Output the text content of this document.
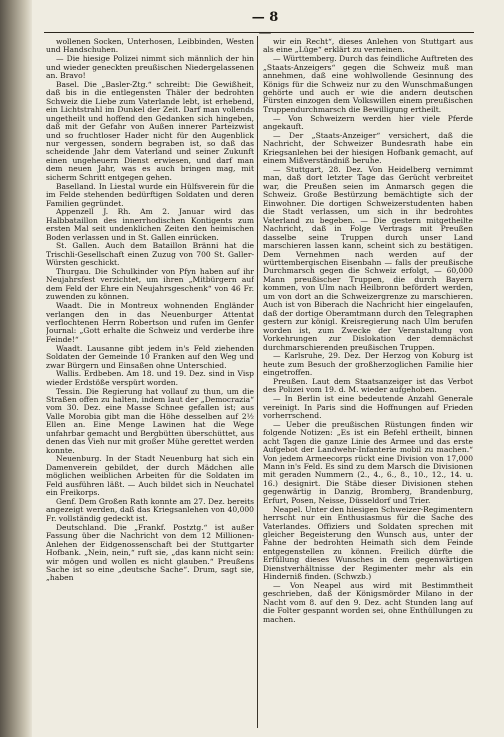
— 8 —

wollenen Socken, Unterhosen, Leibbinden, Westen und Handschuhen.

— Die hiesige Polizei nimmt sich männlich der hin und wieder geneckten preußischen Niedergelassenen an. Bravo!

Basel. Die „Basler-Ztg.“ schreibt: Die Gewißheit, daß bis in die entlegensten Thäler der bedrohten Schweiz die Liebe zum Vaterlande lebt, ist erhebend, ein Lichtstrahl im Dunkel der Zeit. Darf man vollends ungetheilt und hoffend den Gedanken sich hingeben, daß mit der Gefahr von Außen innerer Parteizwist und so fruchtloser Hader nicht für den Augenblick nur vergessen, sondern begraben ist, so daß das scheidende Jahr dem Vaterland und seiner Zukunft einen ungeheuern Dienst erwiesen, und darf man dem neuen Jahr, was es auch bringen mag, mit sicherm Schritt entgegen gehen.

Baselland. In Liestal wurde ein Hülfsverein für die im Felde stehenden bedürftigen Soldaten und deren Familien gegründet.

Appenzell J. Rh. Am 2. Januar wird das Halbbataillon des innerrhodischen Kontigents zum ersten Mal seit undenklichen Zeiten den heimischen Boden verlassen und in St. Gallen einrücken.

St. Gallen. Auch dem Bataillon Bränni hat die Trischli-Gesellschaft einen Zuzug von 700 St. Galler-Würsten geschickt.

Thurgau. Die Schulkinder von Pfyn haben auf ihr Neujahrsfest verzichtet, um ihren „Mitbürgern auf dem Feld der Ehre ein Neujahrsgeschenk“ von 46 Fr. zuwenden zu können.

Waadt. Die in Montreux wohnenden Engländer verlangen den in das Neuenburger Attentat verflochtenen Herrn Robertson und rufen im Genfer Journal: „Gott erhalte die Schweiz und verderbe ihre Feinde!“

Waadt. Lausanne gibt jedem in's Feld ziehenden Soldaten der Gemeinde 10 Franken auf den Weg und zwar Bürgern und Einsaßen ohne Unterschied.

Wallis. Erdbeben. Am 18. und 19. Dez. sind in Visp wieder Erdstöße verspürt worden.

Tessin. Die Regierung hat vollauf zu thun, um die Straßen offen zu halten, indem laut der „Democrazia“ vom 30. Dez. eine Masse Schnee gefallen ist; aus Valle Morobia gibt man die Höhe desselben auf 2½ Ellen an. Eine Menge Lawinen hat die Wege unfahrbar gemacht und Bergbütten überschüttet, aus denen das Vieh nur mit großer Mühe gerettet werden konnte.

Neuenburg. In der Stadt Neuenburg hat sich ein Damenverein gebildet, der durch Mädchen alle möglichen weiblichen Arbeiten für die Soldaten im Feld ausführen läßt. — Auch bildet sich in Neuchatel ein Freikorps.

Genf. Dem Großen Rath konnte am 27. Dez. bereits angezeigt werden, daß das Kriegsanlehen von 40,000 Fr. vollständig gedeckt ist.

Deutschland. Die „Frankf. Postztg.“ ist außer Fassung über die Nachricht von dem 12 Millionen-Anlehen der Eidgenossenschaft bei der Stuttgarter Hofbank. „Nein, nein,“ ruft sie, „das kann nicht sein: wir mögen und wollen es nicht glauben.“ Preußens Sache ist so eine „deutsche Sache“. Drum, sagt sie, „haben

wir ein Recht“, dieses Anlehen von Stuttgart aus als eine „Lüge“ erklärt zu verneinen.

— Württemberg. Durch das feindliche Auftreten des „Staats-Anzeigers“ gegen die Schweiz muß man annehmen, daß eine wohlwollende Gesinnung des Königs für die Schweiz nur zu den Wunschmaßungen gehörte und auch er wie die andern deutschen Fürsten einzogen dem Volkswillen einem preußischen Truppendurchmarsch die Bewilligung ertheilt.

— Von Schweizern werden hier viele Pferde angekauft.

— Der „Staats-Anzeiger“ versichert, daß die Nachricht, der Schweizer Bundesrath habe ein Kriegsanlehen bei der hiesigen Hofbank gemacht, auf einem Mißverständniß beruhe.

— Stuttgart, 28. Dez. Von Heidelberg vernimmt man, daß dort letzter Tage das Gerücht verbreitet war, die Preußen seien im Anmarsch gegen die Schweiz. Große Bestürzung bemächtigte sich der Einwohner. Die dortigen Schweizerstudenten haben die Stadt verlassen, um sich in ihr bedrohtes Vaterland zu begeben. — Die gestern mitgetheilte Nachricht, daß in Folge Vertrags mit Preußen dasselbe seine Truppen durch unser Land marschieren lassen kann, scheint sich zu bestätigen. Dem Vernehmen nach werden auf der württembergischen Eisenbahn — falls der preußische Durchmarsch gegen die Schweiz erfolgt, — 60,000 Mann preußischer Truppen, die durch Bayern kommen, von Ulm nach Heilbronn befördert werden, um von dort an die Schweizergrenze zu marschieren. Auch ist von Biberach die Nachricht hier eingelaufen, daß der dortige Oberamtmann durch den Telegraphen gestern zur königl. Kreisregierung nach Ulm berufen worden ist, zum Zwecke der Veranstaltung von Vorkehrungen zur Dislokation der demnächst durchmarschierenden preußischen Truppen.

— Karlsruhe, 29. Dez. Der Herzog von Koburg ist heute zum Besuch der großherzoglichen Familie hier eingetroffen.

Preußen. Laut dem Staatsanzeiger ist das Verbot des Polizei vom 19. d. M. wieder aufgehoben.

— In Berlin ist eine bedeutende Anzahl Generale vereinigt. In Paris sind die Hoffnungen auf Frieden vorherrschend.

— Ueber die preußischen Rüstungen finden wir folgende Notizen: „Es ist ein Befehl ertheilt, binnen acht Tagen die ganze Linie des Armee und das erste Aufgebot der Landwehr-Infanterie mobil zu machen.“ Von jedem Armeecorps rückt eine Division von 17,000 Mann in's Feld. Es sind zu dem Marsch die Divisionen mit geraden Nummern (2., 4., 6., 8., 10., 12., 14. u. 16.) designirt. Die Stäbe dieser Divisionen stehen gegenwärtig in Danzig, Bromberg, Brandenburg, Erfurt, Posen, Neisse, Düsseldorf und Trier.

Neapel. Unter den hiesigen Schweizer-Regimentern herrscht nur ein Enthusiasmus für die Sache des Vaterlandes. Offiziers und Soldaten sprechen mit gleicher Begeisterung den Wunsch aus, unter der Fahne der bedrohten Heimath sich dem Feinde entgegenstellen zu können. Freilich dürfte die Erfüllung dieses Wunsches in dem gegenwärtigen Dienstverhältnisse der Regimenter mehr als ein Hinderniß finden. (Schwzb.)

— Von Neapel aus wird mit Bestimmtheit geschrieben, daß der Königsmörder Milano in der Nacht vom 8. auf den 9. Dez. acht Stunden lang auf die Folter gespannt worden sei, ohne Enthüllungen zu machen.
